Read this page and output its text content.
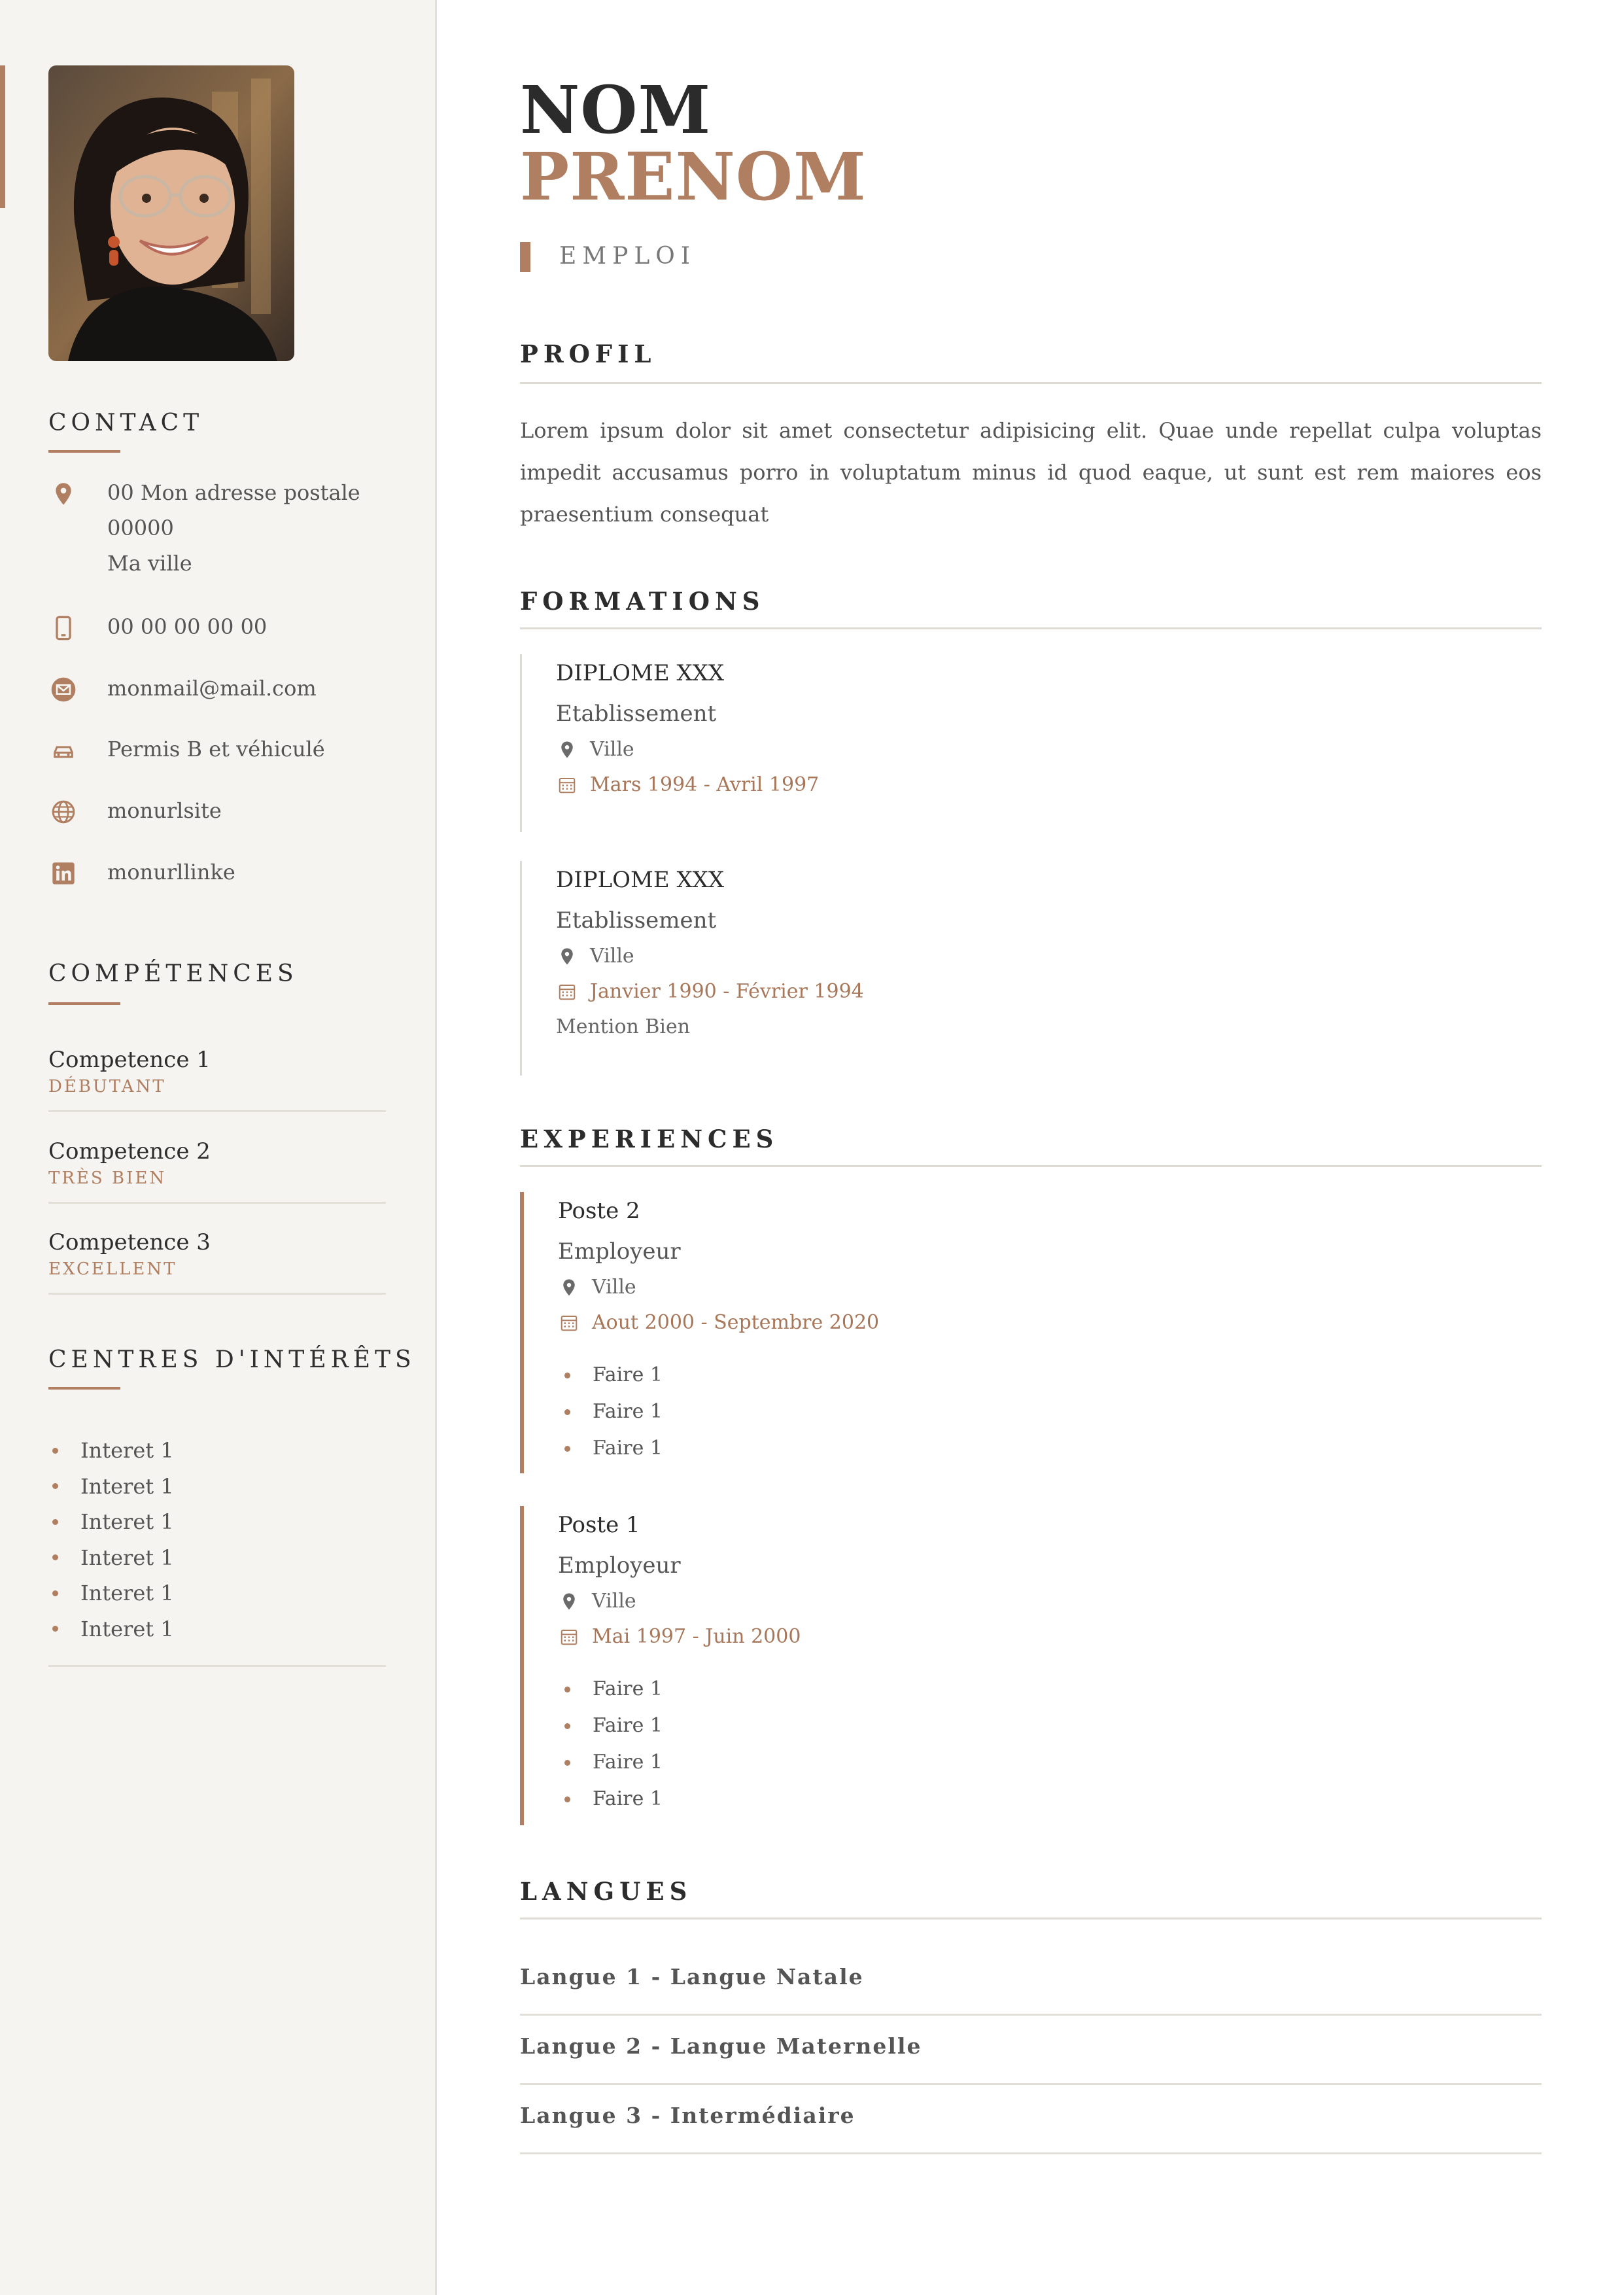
CONTACT
00 Mon adresse postale
00000
Ma ville
00 00 00 00 00
monmail@mail.com
Permis B et véhiculé
monurlsite
monurllinke
COMPÉTENCES
Competence 1
DÉBUTANT
Competence 2
TRÈS BIEN
Competence 3
EXCELLENT
CENTRES D'INTÉRÊTS
Interet 1
Interet 1
Interet 1
Interet 1
Interet 1
Interet 1
NOM
PRENOM
EMPLOI
PROFIL
Lorem ipsum dolor sit amet consectetur adipisicing elit. Quae unde repellat culpa voluptas impedit accusamus porro in voluptatum minus id quod eaque, ut sunt est rem maiores eos praesentium consequat
FORMATIONS
DIPLOME XXX
Etablissement
Ville
Mars 1994 - Avril 1997
DIPLOME XXX
Etablissement
Ville
Janvier 1990 - Février 1994
Mention Bien
EXPERIENCES
Poste 2
Employeur
Ville
Aout 2000 - Septembre 2020
Faire 1
Faire 1
Faire 1
Poste 1
Employeur
Ville
Mai 1997 - Juin 2000
Faire 1
Faire 1
Faire 1
Faire 1
LANGUES
Langue 1 - Langue Natale
Langue 2 - Langue Maternelle
Langue 3 - Intermédiaire
